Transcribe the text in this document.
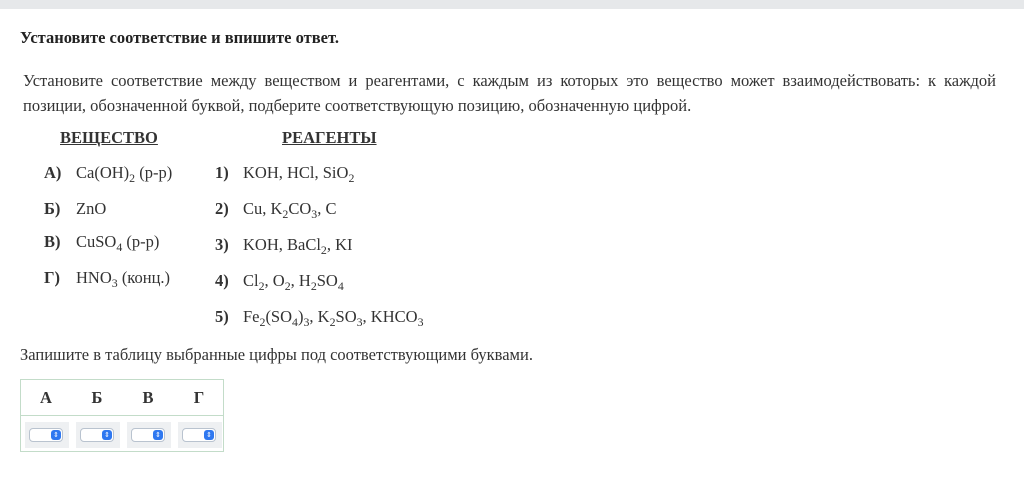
Установите соответствие и впишите ответ.
Установите соответствие между веществом и реагентами, с каждым из которых это вещество может взаимодействовать: к каждой позиции, обозначенной буквой, подберите соответствующую позицию, обозначенную цифрой.
ВЕЩЕСТВО	РЕАГЕНТЫ
А) $Ca(OH)_2$ (р-р)
Б) ZnO
В) CuSO$_4$ (р-р)
Г) $HNO_3$ (конц.)
1) KOH, HCl, SiO$_2$
2) Cu, $K_2CO_3$, C
3) KOH, BaCl$_2$, KI
4) $Cl_2$, $O_2$, $H_2SO_4$
5) $Fe_2(SO_4)_3$, $K_2SO_3$, $KHCO_3$
Запишите в таблицу выбранные цифры под соответствующими буквами.
А	Б	В	Г
⇕	⇕	⇕	⇕
